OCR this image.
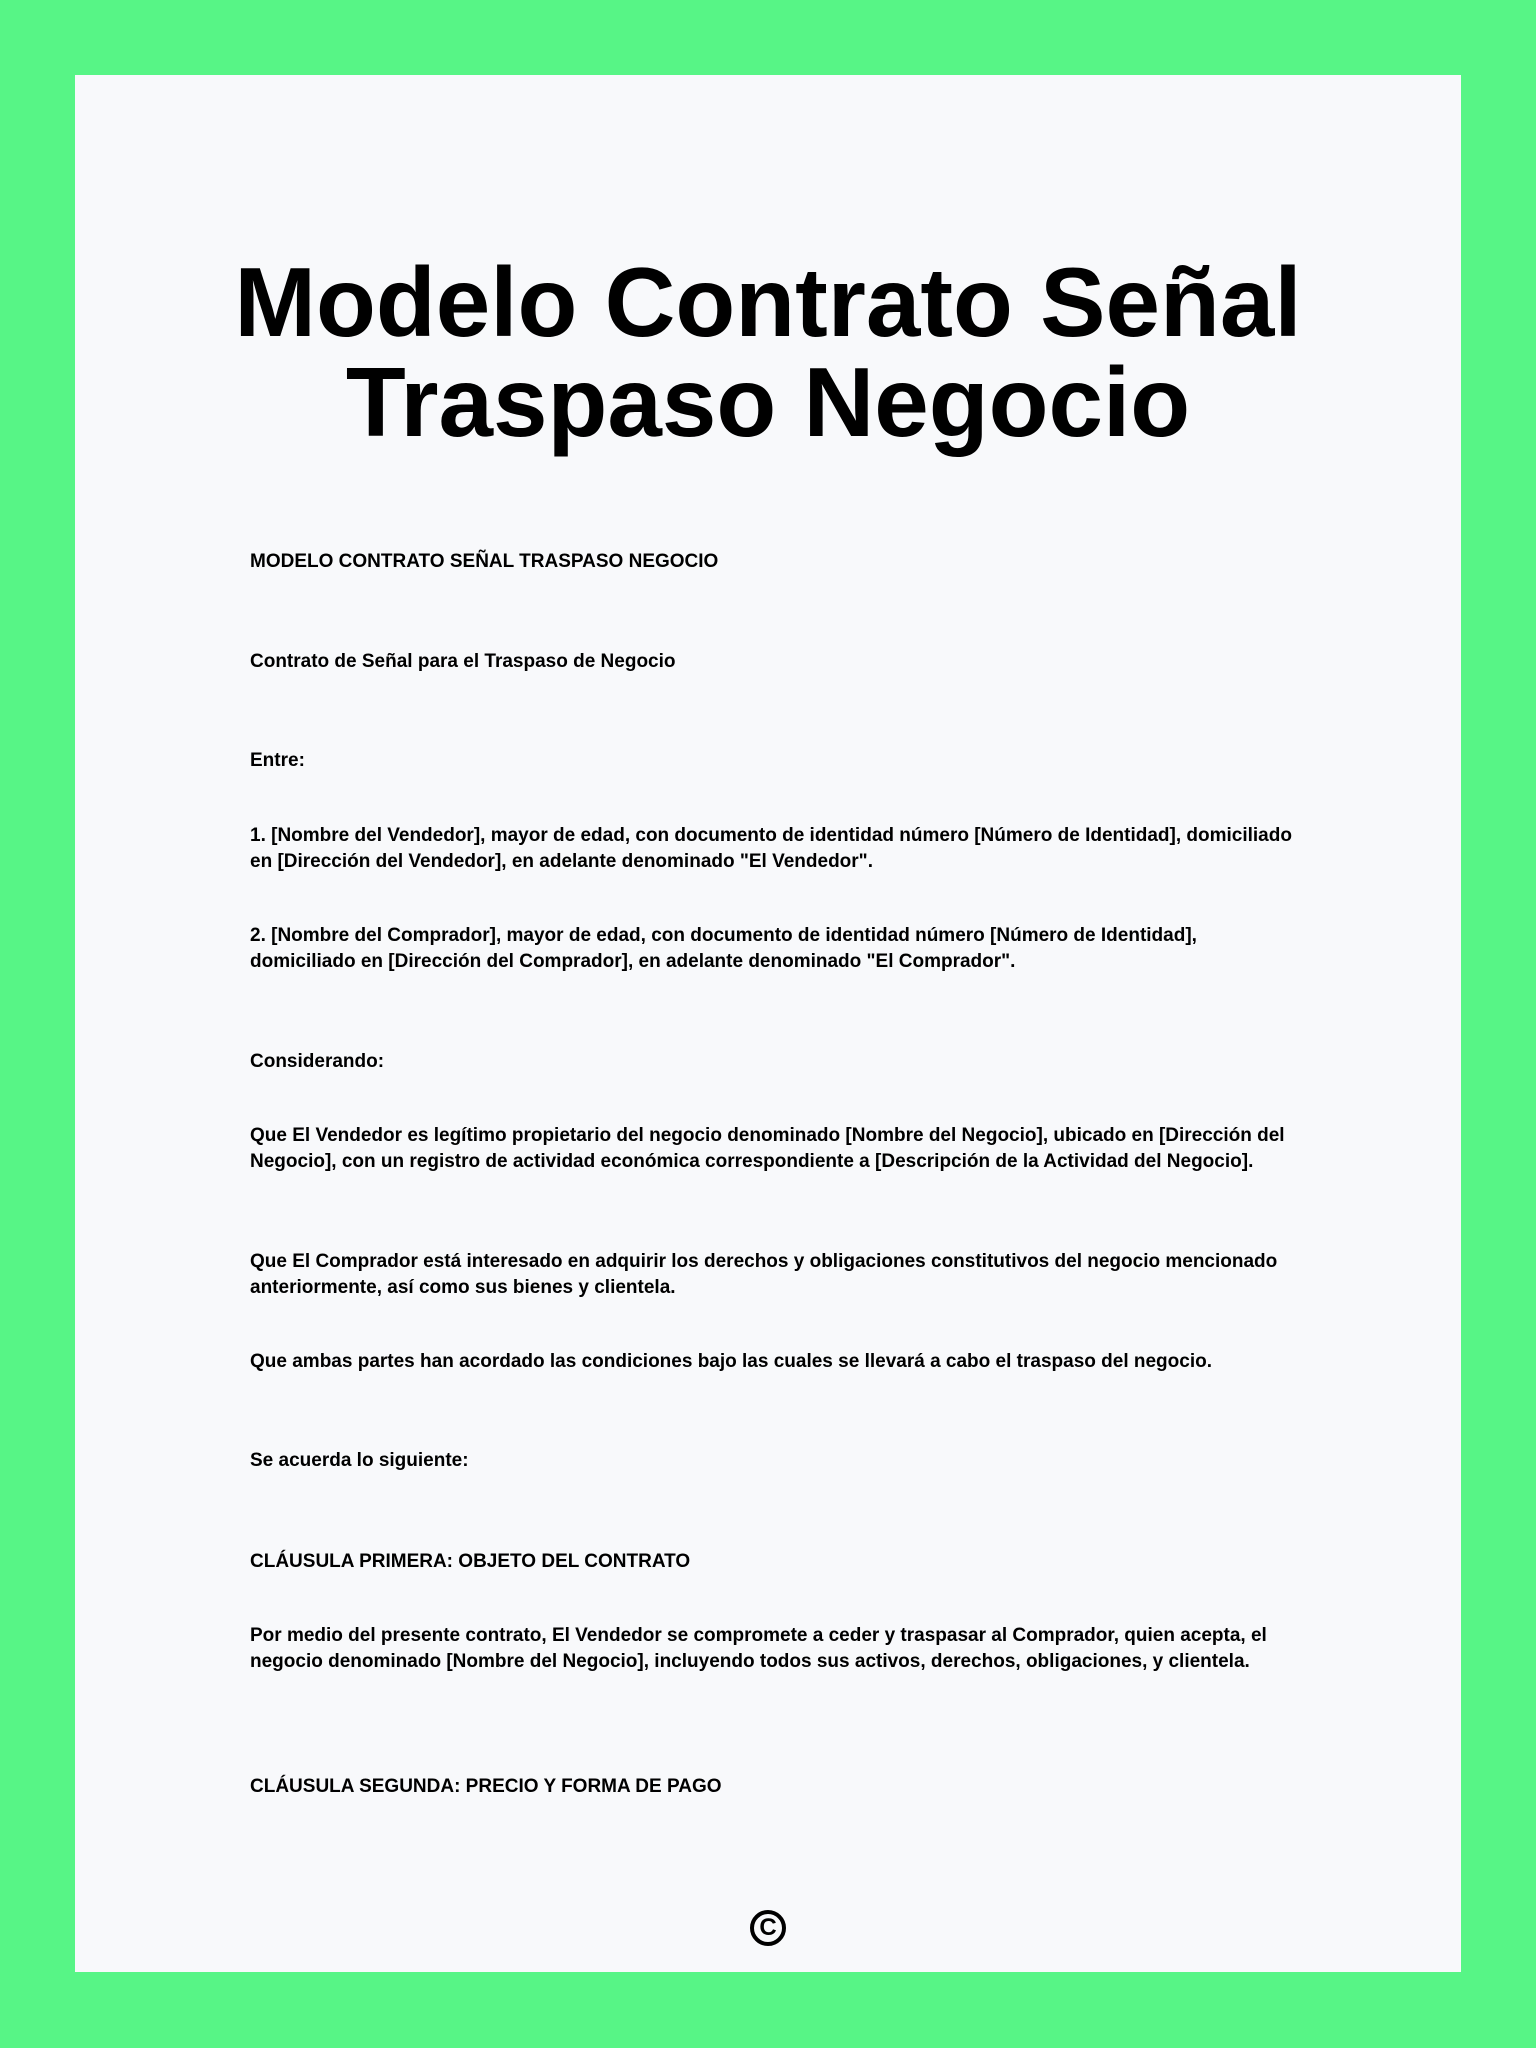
Modelo Contrato Señal
Traspaso Negocio

MODELO CONTRATO SEÑAL TRASPASO NEGOCIO

Contrato de Señal para el Traspaso de Negocio

Entre:

1. [Nombre del Vendedor], mayor de edad, con documento de identidad número [Número de Identidad], domiciliado en [Dirección del Vendedor], en adelante denominado "El Vendedor".

2. [Nombre del Comprador], mayor de edad, con documento de identidad número [Número de Identidad], domiciliado en [Dirección del Comprador], en adelante denominado "El Comprador".

Considerando:

Que El Vendedor es legítimo propietario del negocio denominado [Nombre del Negocio], ubicado en [Dirección del Negocio], con un registro de actividad económica correspondiente a [Descripción de la Actividad del Negocio].

Que El Comprador está interesado en adquirir los derechos y obligaciones constitutivos del negocio mencionado anteriormente, así como sus bienes y clientela.

Que ambas partes han acordado las condiciones bajo las cuales se llevará a cabo el traspaso del negocio.

Se acuerda lo siguiente:

CLÁUSULA PRIMERA: OBJETO DEL CONTRATO

Por medio del presente contrato, El Vendedor se compromete a ceder y traspasar al Comprador, quien acepta, el negocio denominado [Nombre del Negocio], incluyendo todos sus activos, derechos, obligaciones, y clientela.

CLÁUSULA SEGUNDA: PRECIO Y FORMA DE PAGO

C
